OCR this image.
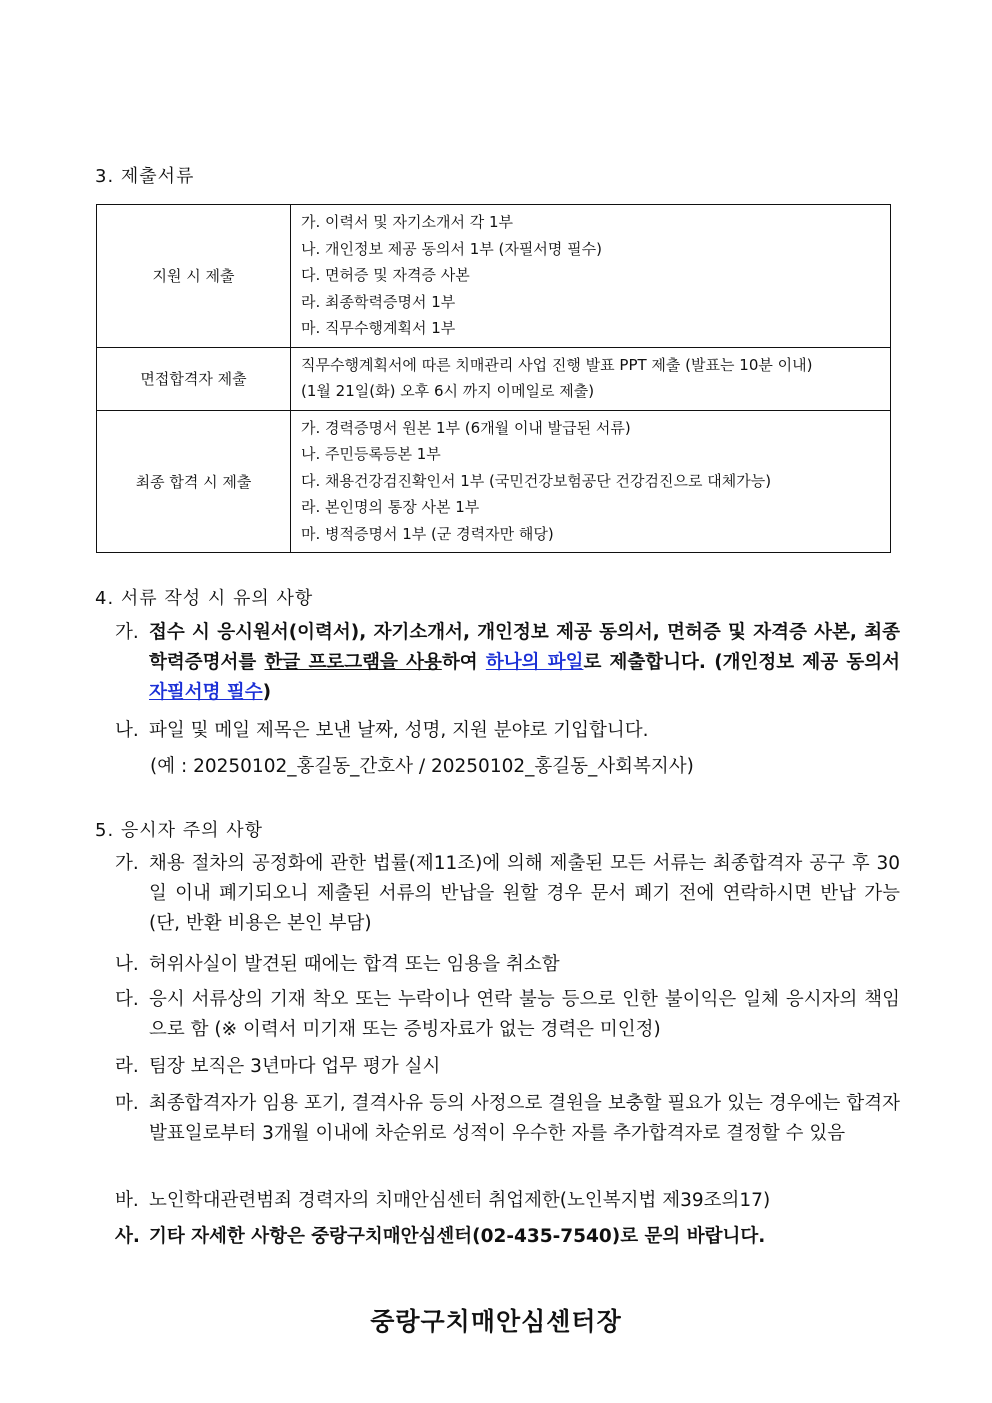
3. 제출서류
지원 시 제출	가. 이력서 및 자기소개서 각 1부
나. 개인정보 제공 동의서 1부 (자필서명 필수)
다. 면허증 및 자격증 사본
라. 최종학력증명서 1부
마. 직무수행계획서 1부

면접합격자 제출	직무수행계획서에 따른 치매관리 사업 진행 발표 PPT 제출 (발표는 10분 이내)
(1월 21일(화) 오후 6시 까지 이메일로 제출)

최종 합격 시 제출	가. 경력증명서 원본 1부 (6개월 이내 발급된 서류)
나. 주민등록등본 1부
다. 채용건강검진확인서 1부 (국민건강보험공단 건강검진으로 대체가능)
라. 본인명의 통장 사본 1부
마. 병적증명서 1부 (군 경력자만 해당)
4. 서류 작성 시 유의 사항
가. 접수 시 응시원서(이력서), 자기소개서, 개인정보 제공 동의서, 면허증 및 자격증 사본, 최종학력증명서를 한글 프로그램을 사용하여 하나의 파일로 제출합니다. (개인정보 제공 동의서 자필서명 필수)
나. 파일 및 메일 제목은 보낸 날짜, 성명, 지원 분야로 기입합니다.
(예 : 20250102_홍길동_간호사 / 20250102_홍길동_사회복지사)
5. 응시자 주의 사항
가. 채용 절차의 공정화에 관한 법률(제11조)에 의해 제출된 모든 서류는 최종합격자 공구 후 30일 이내 폐기되오니 제출된 서류의 반납을 원할 경우 문서 폐기 전에 연락하시면 반납 가능 (단, 반환 비용은 본인 부담)
나. 허위사실이 발견된 때에는 합격 또는 임용을 취소함
다. 응시 서류상의 기재 착오 또는 누락이나 연락 불능 등으로 인한 불이익은 일체 응시자의 책임으로 함 (※ 이력서 미기재 또는 증빙자료가 없는 경력은 미인정)
라. 팀장 보직은 3년마다 업무 평가 실시
마. 최종합격자가 임용 포기, 결격사유 등의 사정으로 결원을 보충할 필요가 있는 경우에는 합격자 발표일로부터 3개월 이내에 차순위로 성적이 우수한 자를 추가합격자로 결정할 수 있음
바. 노인학대관련범죄 경력자의 치매안심센터 취업제한(노인복지법 제39조의17)
사. 기타 자세한 사항은 중랑구치매안심센터(02-435-7540)로 문의 바랍니다.
중랑구치매안심센터장
